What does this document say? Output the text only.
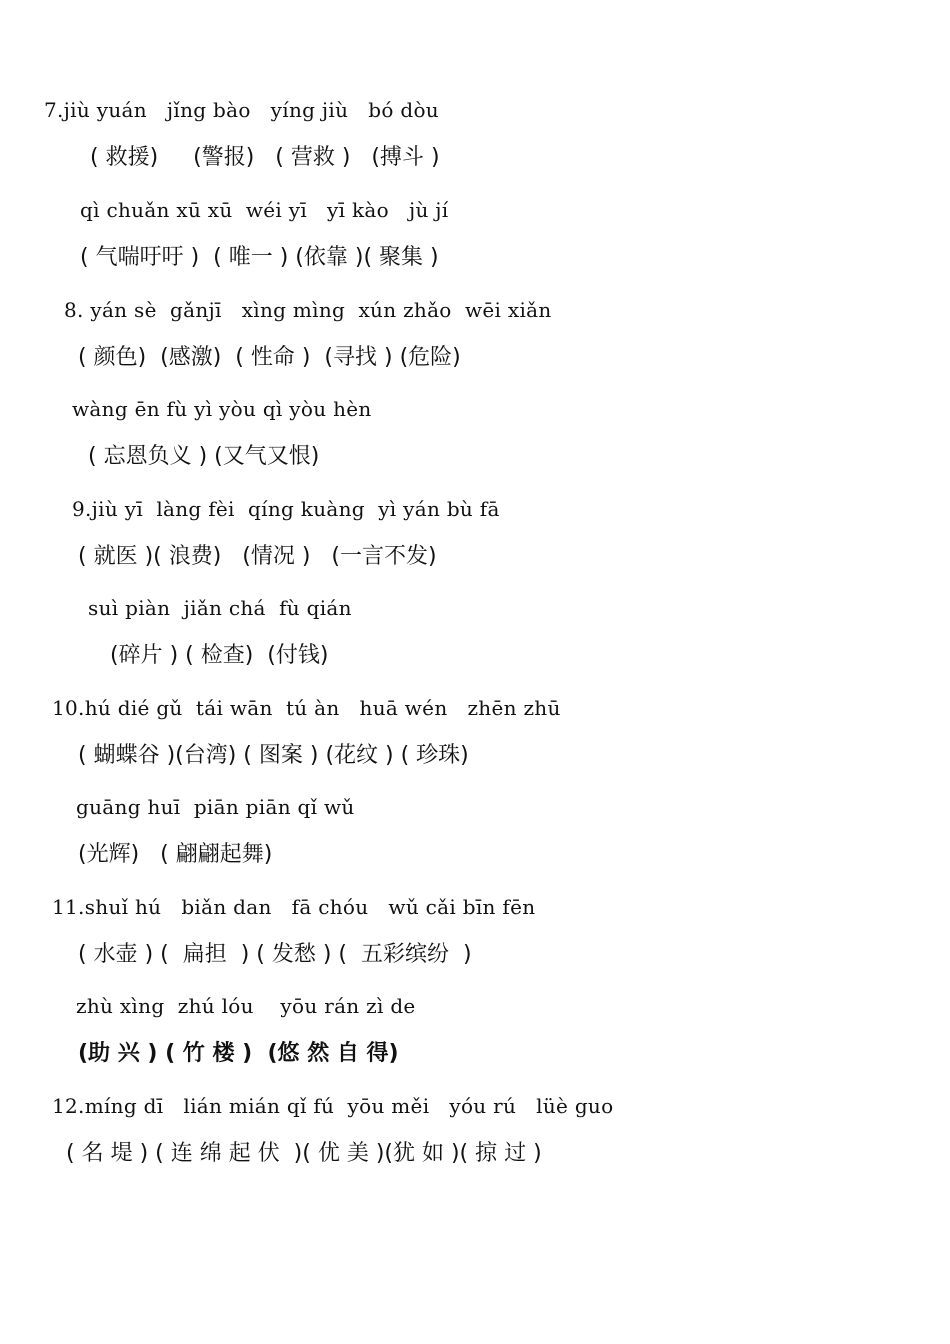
7.jiù yuán   jǐng bào   yíng jiù   bó dòu
( 救援)     (警报)   ( 营救 )   (搏斗 )
qì chuǎn xū xū  wéi yī   yī kào   jù jí
( 气喘吁吁 )  ( 唯一 ) (依靠 )( 聚集 )
8. yán sè  gǎnjī   xìng mìng  xún zhǎo  wēi xiǎn
( 颜色)  (感激)  ( 性命 )  (寻找 ) (危险)
wàng ēn fù yì yòu qì yòu hèn
( 忘恩负义 ) (又气又恨)
9.jiù yī  làng fèi  qíng kuàng  yì yán bù fā
( 就医 )( 浪费)   (情况 )   (一言不发)
suì piàn  jiǎn chá  fù qián
(碎片 ) ( 检查)  (付钱)
10.hú dié gǔ  tái wān  tú àn   huā wén   zhēn zhū
( 蝴蝶谷 )(台湾) ( 图案 ) (花纹 ) ( 珍珠)
guāng huī  piān piān qǐ wǔ
(光辉)   ( 翩翩起舞)
11.shuǐ hú   biǎn dan   fā chóu   wǔ cǎi bīn fēn
( 水壶 ) (  扁担  ) ( 发愁 ) (  五彩缤纷  )
zhù xìng  zhú lóu    yōu rán zì de
(助 兴 ) ( 竹 楼 )  (悠 然 自 得)
12.míng dī   lián mián qǐ fú  yōu měi   yóu rú   lüè guo
( 名 堤 ) ( 连 绵 起 伏  )( 优 美 )(犹 如 )( 掠 过 )
